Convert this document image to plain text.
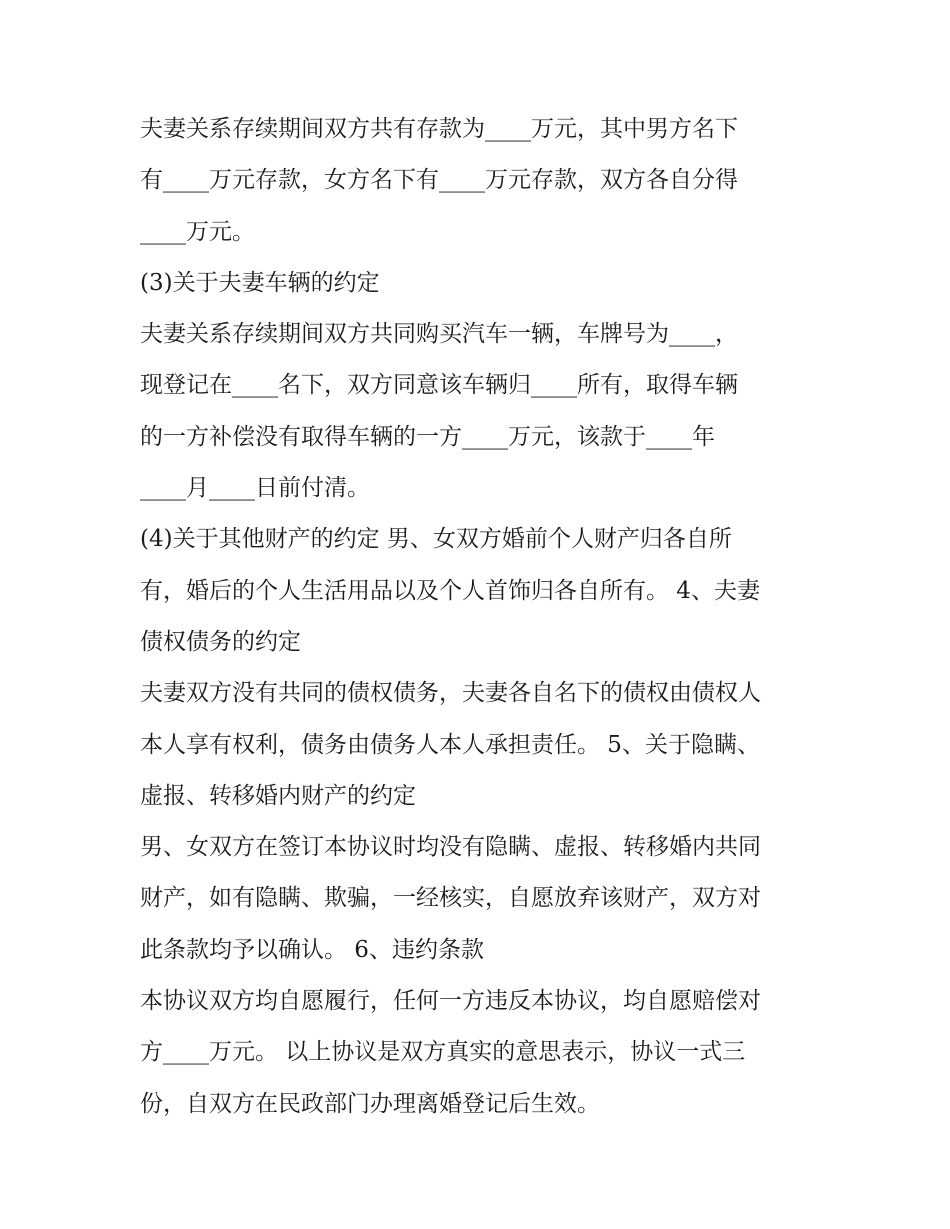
夫妻关系存续期间双方共有存款为____万元，其中男方名下
有____万元存款，女方名下有____万元存款，双方各自分得
____万元。
(3)关于夫妻车辆的约定
夫妻关系存续期间双方共同购买汽车一辆，车牌号为____，
现登记在____名下，双方同意该车辆归____所有，取得车辆
的一方补偿没有取得车辆的一方____万元，该款于____年
____月____日前付清。
(4)关于其他财产的约定 男、女双方婚前个人财产归各自所
有，婚后的个人生活用品以及个人首饰归各自所有。 4、夫妻
债权债务的约定
夫妻双方没有共同的债权债务，夫妻各自名下的债权由债权人
本人享有权利，债务由债务人本人承担责任。 5、关于隐瞒、
虚报、转移婚内财产的约定
男、女双方在签订本协议时均没有隐瞒、虚报、转移婚内共同
财产，如有隐瞒、欺骗，一经核实，自愿放弃该财产，双方对
此条款均予以确认。 6、违约条款
本协议双方均自愿履行，任何一方违反本协议，均自愿赔偿对
方____万元。 以上协议是双方真实的意思表示，协议一式三
份，自双方在民政部门办理离婚登记后生效。
